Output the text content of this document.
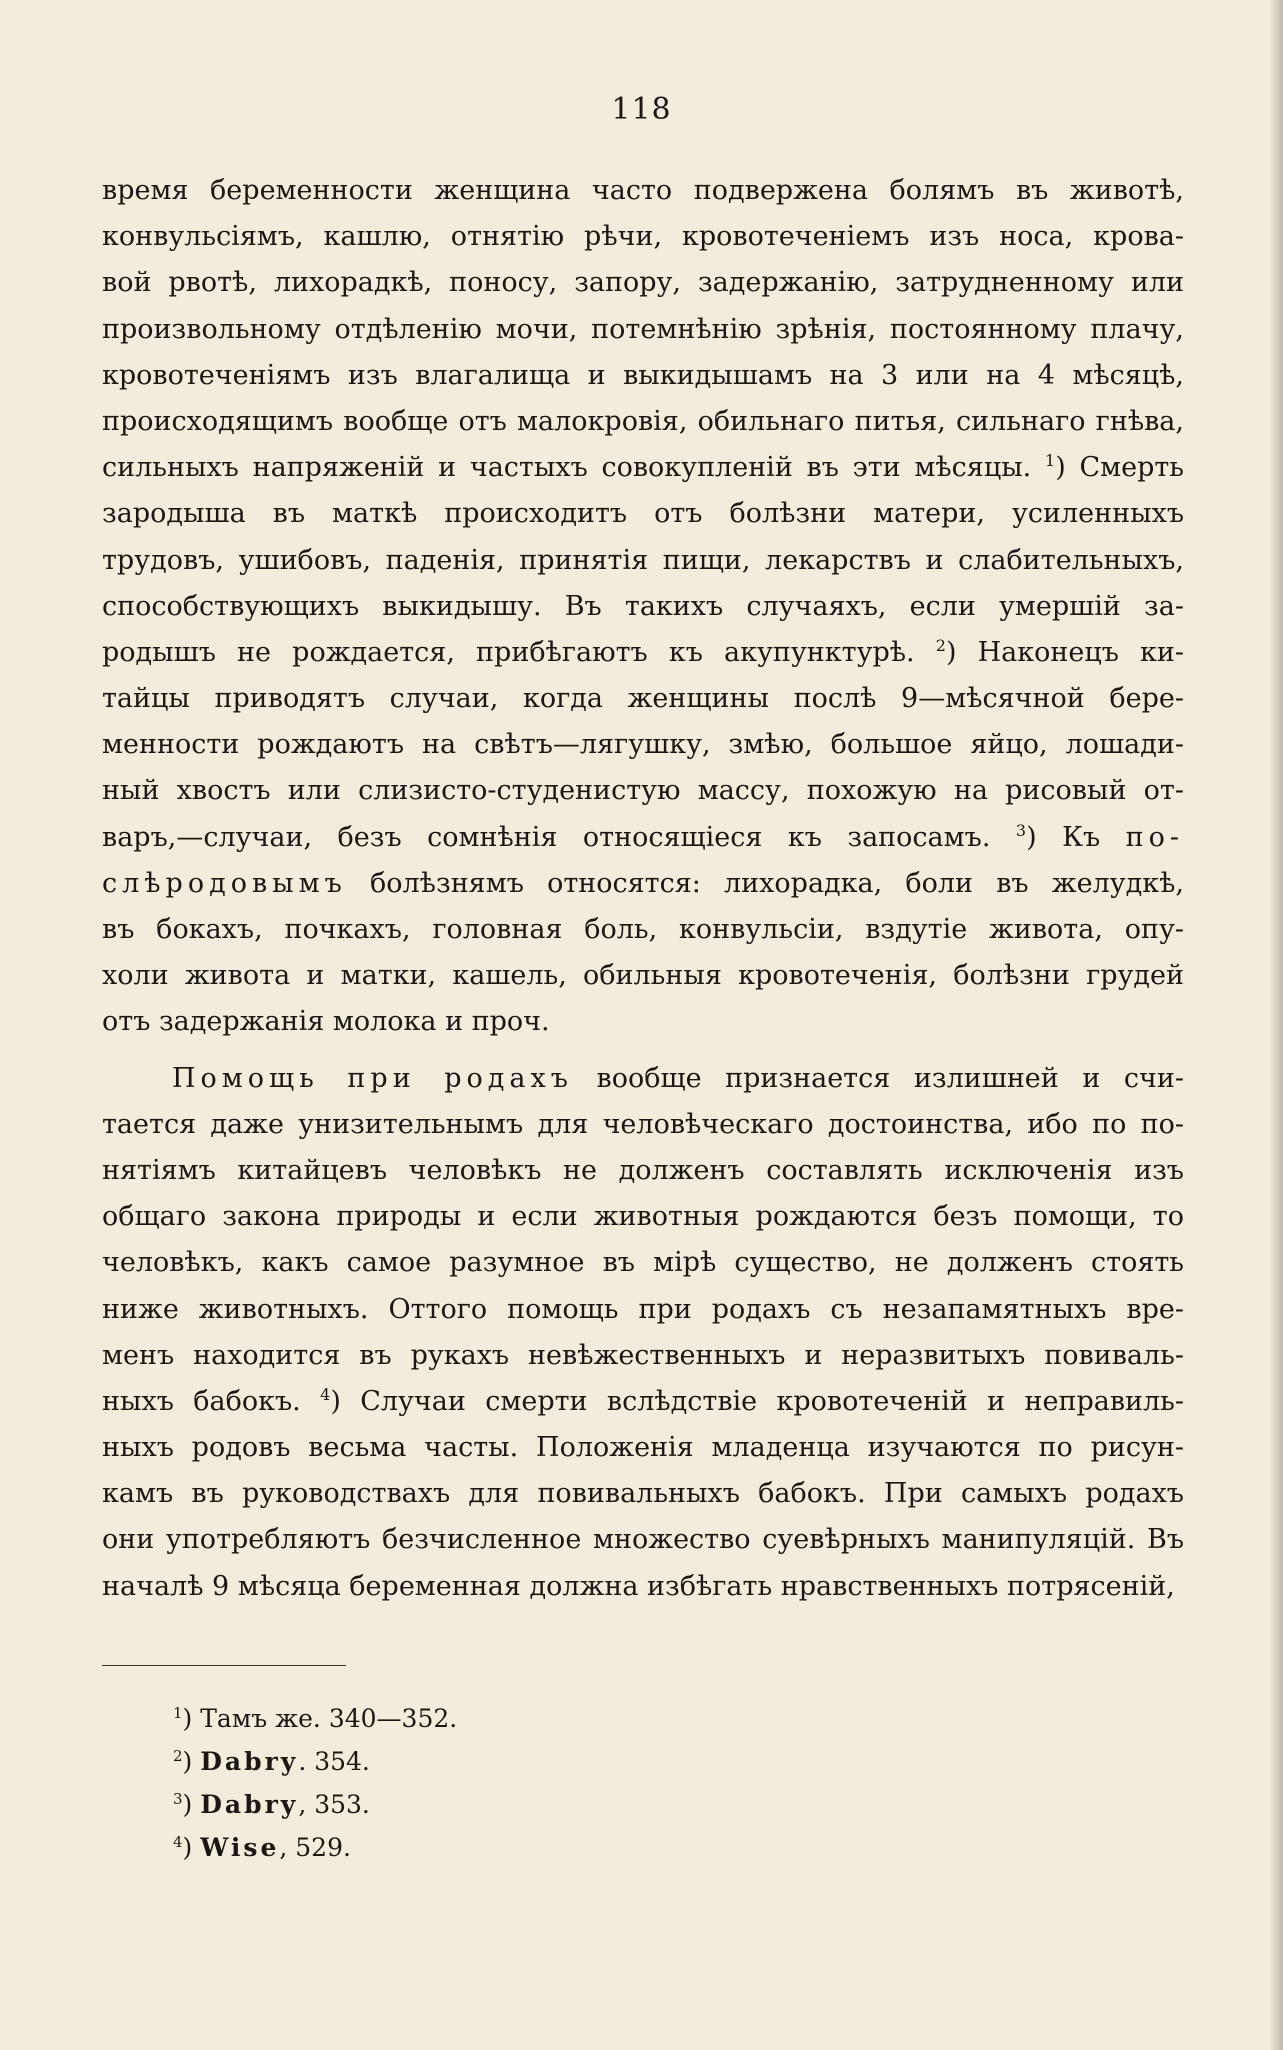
118
время беременности женщина часто подвержена болямъ въ животѣ,
конвульсіямъ, кашлю, отнятію рѣчи, кровотеченіемъ изъ носа, крова-
вой рвотѣ, лихорадкѣ, поносу, запору, задержанію, затрудненному или
произвольному отдѣленію мочи, потемнѣнію зрѣнія, постоянному плачу,
кровотеченіямъ изъ влагалища и выкидышамъ на 3 или на 4 мѣсяцѣ,
происходящимъ вообще отъ малокровія, обильнаго питья, сильнаго гнѣва,
сильныхъ напряженій и частыхъ совокупленій въ эти мѣсяцы. $^1$) Смерть
зародыша въ маткѣ происходитъ отъ болѣзни матери, усиленныхъ
трудовъ, ушибовъ, паденія, принятія пищи, лекарствъ и слабительныхъ,
способствующихъ выкидышу. Въ такихъ случаяхъ, если умершій за-
родышъ не рождается, прибѣгаютъ къ акупунктурѣ. $^2$) Наконецъ ки-
тайцы приводятъ случаи, когда женщины послѣ 9—мѣсячной бере-
менности рождаютъ на свѣтъ—лягушку, змѣю, большое яйцо, лошади-
ный хвостъ или слизисто-студенистую массу, похожую на рисовый от-
варъ,—случаи, безъ сомнѣнія относящіеся къ запосамъ. $^3$) Къ по-
слѣродовымъ болѣзнямъ относятся: лихорадка, боли въ желудкѣ,
въ бокахъ, почкахъ, головная боль, конвульсіи, вздутіе живота, опу-
холи живота и матки, кашель, обильныя кровотеченія, болѣзни грудей
отъ задержанія молока и проч.
Помощь при родахъ вообще признается излишней и счи-
тается даже унизительнымъ для человѣческаго достоинства, ибо по по-
нятіямъ китайцевъ человѣкъ не долженъ составлять исключенія изъ
общаго закона природы и если животныя рождаются безъ помощи, то
человѣкъ, какъ самое разумное въ мірѣ существо, не долженъ стоять
ниже животныхъ. Оттого помощь при родахъ съ незапамятныхъ вре-
менъ находится въ рукахъ невѣжественныхъ и неразвитыхъ повиваль-
ныхъ бабокъ. $^4$) Случаи смерти вслѣдствіе кровотеченій и неправиль-
ныхъ родовъ весьма часты. Положенія младенца изучаются по рисун-
камъ въ руководствахъ для повивальныхъ бабокъ. При самыхъ родахъ
они употребляютъ безчисленное множество суевѣрныхъ манипуляцій. Въ
началѣ 9 мѣсяца беременная должна избѣгать нравственныхъ потрясеній,
$^1$) Тамъ же. 340—352.
$^2$) Dabry. 354.
$^3$) Dabry, 353.
$^4$) Wise, 529.
